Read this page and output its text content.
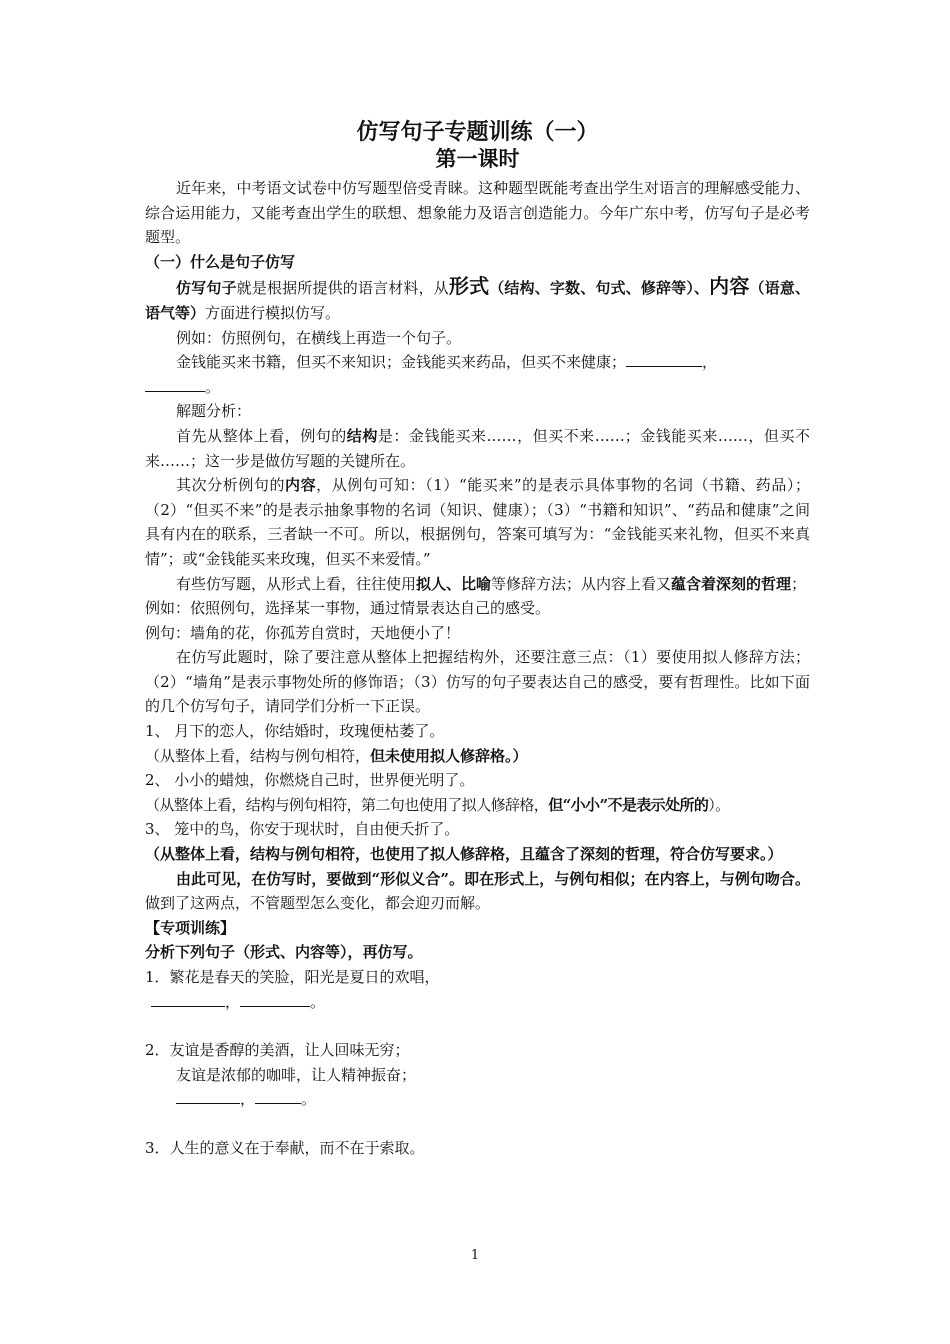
仿写句子专题训练（一）
第一课时

近年来，中考语文试卷中仿写题型倍受青睐。这种题型既能考查出学生对语言的理解感受能力、综合运用能力，又能考查出学生的联想、想象能力及语言创造能力。今年广东中考，仿写句子是必考题型。

（一）什么是句子仿写

仿写句子就是根据所提供的语言材料，从形式（结构、字数、句式、修辞等）、内容（语意、语气等）方面进行模拟仿写。

例如：仿照例句，在横线上再造一个句子。

金钱能买来书籍，但买不来知识；金钱能买来药品，但买不来健康；	，
。

解题分析：

首先从整体上看，例句的结构是：金钱能买来……，但买不来……；金钱能买来……，但买不来……；这一步是做仿写题的关键所在。

其次分析例句的内容，从例句可知：（1）“能买来”的是表示具体事物的名词（书籍、药品）；（2）“但买不来”的是表示抽象事物的名词（知识、健康）；（3）“书籍和知识”、“药品和健康”之间具有内在的联系，三者缺一不可。所以，根据例句，答案可填写为：“金钱能买来礼物，但买不来真情”；或“金钱能买来玫瑰，但买不来爱情。”

有些仿写题，从形式上看，往往使用拟人、比喻等修辞方法；从内容上看又蕴含着深刻的哲理；

例如：依照例句，选择某一事物，通过情景表达自己的感受。

例句：墙角的花，你孤芳自赏时，天地便小了！

在仿写此题时，除了要注意从整体上把握结构外，还要注意三点：（1）要使用拟人修辞方法；（2）“墙角”是表示事物处所的修饰语；（3）仿写的句子要表达自己的感受，要有哲理性。比如下面的几个仿写句子，请同学们分析一下正误。

1、 月下的恋人，你结婚时，玫瑰便枯萎了。

（从整体上看，结构与例句相符，但未使用拟人修辞格。）

2、 小小的蜡烛，你燃烧自己时，世界便光明了。

（从整体上看，结构与例句相符，第二句也使用了拟人修辞格，但“小小”不是表示处所的）。

3、 笼中的鸟，你安于现状时，自由便夭折了。

（从整体上看，结构与例句相符，也使用了拟人修辞格，且蕴含了深刻的哲理，符合仿写要求。）

由此可见，在仿写时，要做到“形似义合”。即在形式上，与例句相似；在内容上，与例句吻合。做到了这两点，不管题型怎么变化，都会迎刃而解。

【专项训练】

分析下列句子（形式、内容等），再仿写。

1．繁花是春天的笑脸，阳光是夏日的欢唱，

，	。

2．友谊是香醇的美酒，让人回味无穷；

友谊是浓郁的咖啡，让人精神振奋；

，	。

3．人生的意义在于奉献，而不在于索取。

1
